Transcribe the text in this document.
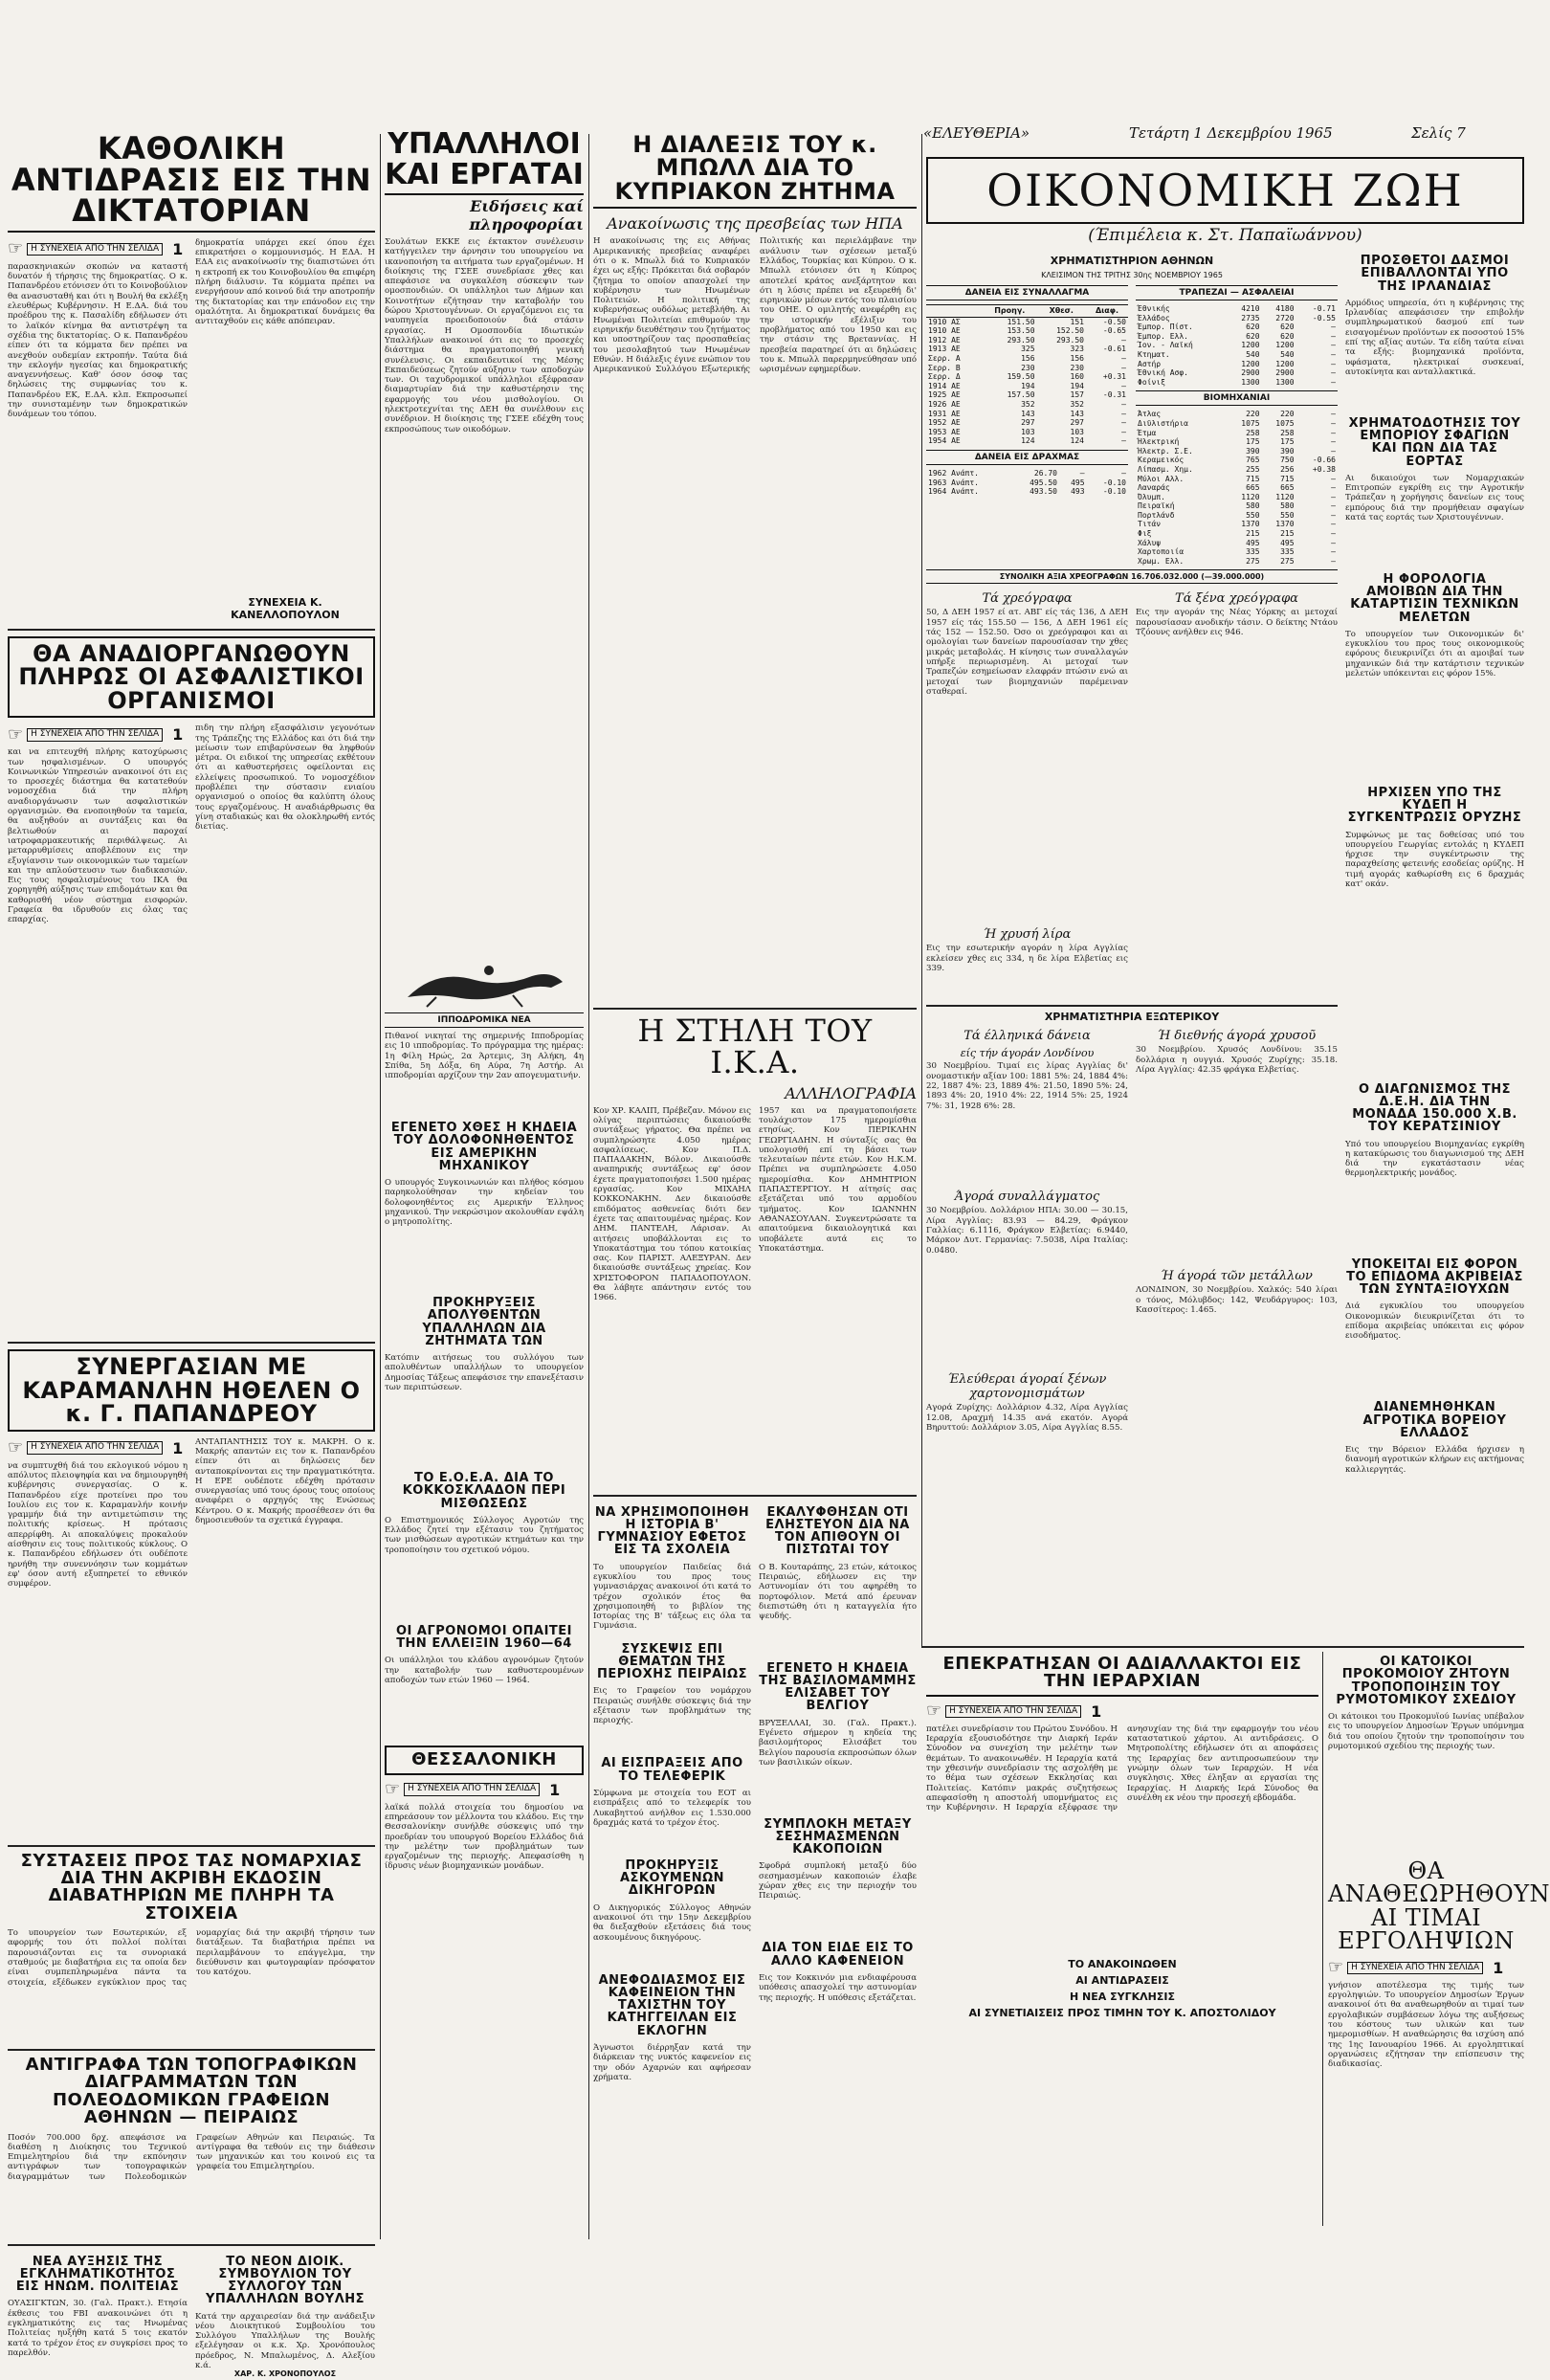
«ΕΛΕΥΘΕΡΙΑ»	Τετάρτη 1 Δεκεμβρίου 1965	Σελίς 7
ΚΑΘΟΛΙΚΗ ΑΝΤΙΔΡΑΣΙΣ ΕΙΣ ΤΗΝ ΔΙΚΤΑΤΟΡΙΑΝ
☞ Η ΣΥΝΕΧΕΙΑ ΑΠΟ ΤΗΝ ΣΕΛΙΔΑ 1
παρασκηνιακών σκοπών να καταστή δυνατόν ή τήρησις της δημοκρατίας. Ο κ. Παπανδρέου ετόνισεν ότι το Κοινοβούλιον θα ανασυσταθή και ότι η Βουλή θα εκλέξη ελευθέρως Κυβέρνησιν. Η Ε.ΔΑ. διά του προέδρου της κ. Πασαλίδη εδήλωσεν ότι το λαϊκόν κίνημα θα αντιστρέψη τα σχέδια της δικτατορίας. Ο κ. Παπανδρέου είπεν ότι τα κόμματα δεν πρέπει να ανεχθούν ουδεμίαν εκτροπήν. Ταύτα διά την εκλογήν ηγεσίας και δημοκρατικής αναγεννήσεως. Καθ' όσον όσοφ τας δηλώσεις της συμφωνίας του κ. Παπανδρέου ΕΚ, Ε.ΔΑ. κλπ. Εκπροσωπεί την συνισταμένην των δημοκρατικών δυνάμεων του τόπου.
δημοκρατία υπάρχει εκεί όπου έχει επικρατήσει ο κομμουνισμός. Η ΕΔΑ. Η ΕΔΑ εις ανακοίνωσίν της διαπιστώνει ότι η εκτροπή εκ του Κοινοβουλίου θα επιφέρη πλήρη διάλυσιν. Τα κόμματα πρέπει να ενεργήσουν από κοινού διά την αποτροπήν της δικτατορίας και την επάνοδον εις την ομαλότητα. Αι δημοκρατικαί δυνάμεις θα αντιταχθούν εις κάθε απόπειραν.
ΣΥΝΕΧΕΙΑ Κ. ΚΑΝΕΛΛΟΠΟΥΛΟΝ
ΘΑ ΑΝΑΔΙΟΡΓΑΝΩΘΟΥΝ ΠΛΗΡΩΣ ΟΙ ΑΣΦΑΛΙΣΤΙΚΟΙ ΟΡΓΑΝΙΣΜΟΙ
☞ Η ΣΥΝΕΧΕΙΑ ΑΠΟ ΤΗΝ ΣΕΛΙΔΑ 1
και να επιτευχθή πλήρης κατοχύρωσις των ησφαλισμένων. Ο υπουργός Κοινωνικών Υπηρεσιών ανακοινοί ότι εις το προσεχές διάστημα θα κατατεθούν νομοσχέδια διά την πλήρη αναδιοργάνωσιν των ασφαλιστικών οργανισμών. Θα ενοποιηθούν τα ταμεία, θα αυξηθούν αι συντάξεις και θα βελτιωθούν αι παροχαί ιατροφαρμακευτικής περιθάλψεως. Αι μεταρρυθμίσεις αποβλέπουν εις την εξυγίανσιν των οικονομικών των ταμείων και την απλούστευσιν των διαδικασιών. Εις τους ησφαλισμένους του ΙΚΑ θα χορηγηθή αύξησις των επιδομάτων και θα καθορισθή νέον σύστημα εισφορών. Γραφεία θα ιδρυθούν εις όλας τας επαρχίας.
πιδη την πλήρη εξασφάλισιν γεγονότων της Τράπεζης της Ελλάδος και ότι διά την μείωσιν των επιβαρύνσεων θα ληφθούν μέτρα. Οι ειδικοί της υπηρεσίας εκθέτουν ότι αι καθυστερήσεις οφείλονται εις ελλείψεις προσωπικού. Το νομοσχέδιον προβλέπει την σύστασιν ενιαίου οργανισμού ο οποίος θα καλύπτη όλους τους εργαζομένους. Η αναδιάρθρωσις θα γίνη σταδιακώς και θα ολοκληρωθή εντός διετίας.
ΣΥΝΕΡΓΑΣΙΑΝ ΜΕ ΚΑΡΑΜΑΝΛΗΝ ΗΘΕΛΕΝ Ο κ. Γ. ΠΑΠΑΝΔΡΕΟΥ
☞ Η ΣΥΝΕΧΕΙΑ ΑΠΟ ΤΗΝ ΣΕΛΙΔΑ 1
να συμπτυχθή διά του εκλογικού νόμου η απόλυτος πλειοψηφία και να δημιουργηθή κυβέρνησις συνεργασίας. Ο κ. Παπανδρέου είχε προτείνει προ του Ιουλίου εις τον κ. Καραμανλήν κοινήν γραμμήν διά την αντιμετώπισιν της πολιτικής κρίσεως. Η πρότασις απερρίφθη. Αι αποκαλύψεις προκαλούν αίσθησιν εις τους πολιτικούς κύκλους. Ο κ. Παπανδρέου εδήλωσεν ότι ουδέποτε ηρνήθη την συνεννόησιν των κομμάτων εφ' όσον αυτή εξυπηρετεί το εθνικόν συμφέρον.
ΑΝΤΑΠΑΝΤΗΣΙΣ ΤΟΥ κ. ΜΑΚΡΗ. Ο κ. Μακρής απαντών εις τον κ. Παπανδρέου είπεν ότι αι δηλώσεις δεν ανταποκρίνονται εις την πραγματικότητα. Η ΕΡΕ ουδέποτε εδέχθη πρότασιν συνεργασίας υπό τους όρους τους οποίους αναφέρει ο αρχηγός της Ενώσεως Κέντρου. Ο κ. Μακρής προσέθεσεν ότι θα δημοσιευθούν τα σχετικά έγγραφα.
ΣΥΣΤΑΣΕΙΣ ΠΡΟΣ ΤΑΣ ΝΟΜΑΡΧΙΑΣ ΔΙΑ ΤΗΝ ΑΚΡΙΒΗ ΕΚΔΟΣΙΝ ΔΙΑΒΑΤΗΡΙΩΝ ΜΕ ΠΛΗΡΗ ΤΑ ΣΤΟΙΧΕΙΑ
Το υπουργείον των Εσωτερικών, εξ αφορμής του ότι πολλοί πολίται παρουσιάζονται εις τα συνοριακά σταθμούς με διαβατήρια εις τα οποία δεν είναι συμπεπληρωμένα πάντα τα στοιχεία, εξέδωκεν εγκύκλιον προς τας νομαρχίας διά την ακριβή τήρησιν των διατάξεων. Τα διαβατήρια πρέπει να περιλαμβάνουν το επάγγελμα, την διεύθυνσιν και φωτογραφίαν πρόσφατον του κατόχου.
ΑΝΤΙΓΡΑΦΑ ΤΩΝ ΤΟΠΟΓΡΑΦΙΚΩΝ ΔΙΑΓΡΑΜΜΑΤΩΝ ΤΩΝ ΠΟΛΕΟΔΟΜΙΚΩΝ ΓΡΑΦΕΙΩΝ ΑΘΗΝΩΝ — ΠΕΙΡΑΙΩΣ
Ποσόν 700.000 δρχ. απεφάσισε να διαθέση η Διοίκησις του Τεχνικού Επιμελητηρίου διά την εκπόνησιν αντιγράφων των τοπογραφικών διαγραμμάτων των Πολεοδομικών Γραφείων Αθηνών και Πειραιώς. Τα αντίγραφα θα τεθούν εις την διάθεσιν των μηχανικών και του κοινού εις τα γραφεία του Επιμελητηρίου.
ΝΕΑ ΑΥΞΗΣΙΣ ΤΗΣ ΕΓΚΛΗΜΑΤΙΚΟΤΗΤΟΣ ΕΙΣ ΗΝΩΜ. ΠΟΛΙΤΕΙΑΣ
ΟΥΑΣΙΓΚΤΩΝ, 30. (Γαλ. Πρακτ.). Ετησία έκθεσις του FBI ανακοινώνει ότι η εγκληματικότης εις τας Ηνωμένας Πολιτείας ηυξήθη κατά 5 τοις εκατόν κατά το τρέχον έτος εν συγκρίσει προς το παρελθόν.
ΤΟ ΝΕΟΝ ΔΙΟΙΚ. ΣΥΜΒΟΥΛΙΟΝ ΤΟΥ ΣΥΛΛΟΓΟΥ ΤΩΝ ΥΠΑΛΛΗΛΩΝ ΒΟΥΛΗΣ
Κατά την αρχαιρεσίαν διά την ανάδειξιν νέου Διοικητικού Συμβουλίου του Συλλόγου Υπαλλήλων της Βουλής εξελέγησαν οι κ.κ. Χρ. Χρονόπουλος πρόεδρος, Ν. Μπαλωμένος, Δ. Αλεξίου κ.ά.
ΧΑΡ. Κ. ΧΡΟΝΟΠΟΥΛΟΣ
ΥΠΑΛΛΗΛΟΙ ΚΑΙ ΕΡΓΑΤΑΙ
Ειδήσεις καί πληροφορίαι
Σουλάτων ΕΚΚΕ εις έκτακτον συνέλευσιν κατήγγειλεν την άρνησιν του υπουργείου να ικανοποιήση τα αιτήματα των εργαζομένων. Η διοίκησις της ΓΣΕΕ συνεδρίασε χθες και απεφάσισε να συγκαλέση σύσκεψιν των ομοσπονδιών. Οι υπάλληλοι των Δήμων και Κοινοτήτων εζήτησαν την καταβολήν του δώρου Χριστουγέννων. Οι εργαζόμενοι εις τα ναυπηγεία προειδοποιούν διά στάσιν εργασίας. Η Ομοσπονδία Ιδιωτικών Υπαλλήλων ανακοινοί ότι εις το προσεχές διάστημα θα πραγματοποιηθή γενική συνέλευσις. Οι εκπαιδευτικοί της Μέσης Εκπαιδεύσεως ζητούν αύξησιν των αποδοχών των. Οι ταχυδρομικοί υπάλληλοι εξέφρασαν διαμαρτυρίαν διά την καθυστέρησιν της εφαρμογής του νέου μισθολογίου. Οι ηλεκτροτεχνίται της ΔΕΗ θα συνέλθουν εις συνέδριον. Η διοίκησις της ΓΣΕΕ εδέχθη τους εκπροσώπους των οικοδόμων.
ΙΠΠΟΔΡΟΜΙΚΑ ΝΕΑ
Πιθανοί νικηταί της σημερινής Ιπποδρομίας εις 10 ιπποδρομίας. Το πρόγραμμα της ημέρας: 1η Φίλη Ηρώς, 2α Άρτεμις, 3η Αλήκη, 4η Σπίθα, 5η Δόξα, 6η Αύρα, 7η Αστήρ. Αι ιπποδρομίαι αρχίζουν την 2αν απογευματινήν.
ΕΓΕΝΕΤΟ ΧΘΕΣ Η ΚΗΔΕΙΑ ΤΟΥ ΔΟΛΟΦΟΝΗΘΕΝΤΟΣ ΕΙΣ ΑΜΕΡΙΚΗΝ ΜΗΧΑΝΙΚΟΥ
Ο υπουργός Συγκοινωνιών και πλήθος κόσμου παρηκολούθησαν την κηδείαν του δολοφονηθέντος εις Αμερικήν Έλληνος μηχανικού. Την νεκρώσιμον ακολουθίαν εψάλη ο μητροπολίτης.
ΠΡΟΚΗΡΥΞΕΙΣ ΑΠΟΛΥΘΕΝΤΩΝ ΥΠΑΛΛΗΛΩΝ ΔΙΑ ΖΗΤΗΜΑΤΑ ΤΩΝ
Κατόπιν αιτήσεως του συλλόγου των απολυθέντων υπαλλήλων το υπουργείον Δημοσίας Τάξεως απεφάσισε την επανεξέτασιν των περιπτώσεων.
ΤΟ Ε.Ο.Ε.Α. ΔΙΑ ΤΟ ΚΟΚΚΟΣΚΛΑΔΟΝ ΠΕΡΙ ΜΙΣΘΩΣΕΩΣ
Ο Επιστημονικός Σύλλογος Αγροτών της Ελλάδος ζητεί την εξέτασιν του ζητήματος των μισθώσεων αγροτικών κτημάτων και την τροποποίησιν του σχετικού νόμου.
ΟΙ ΑΓΡΟΝΟΜΟΙ ΟΠΑΙΤΕΙ ΤΗΝ ΕΛΛΕΙΞΙΝ 1960—64
Οι υπάλληλοι του κλάδου αγρονόμων ζητούν την καταβολήν των καθυστερουμένων αποδοχών των ετών 1960 — 1964.
ΘΕΣΣΑΛΟΝΙΚΗ
☞ Η ΣΥΝΕΧΕΙΑ ΑΠΟ ΤΗΝ ΣΕΛΙΔΑ 1
λαϊκά πολλά στοιχεία του δημοσίου να επηρεάσουν τον μέλλοντα του κλάδου. Εις την Θεσσαλονίκην συνήλθε σύσκεψις υπό την προεδρίαν του υπουργού Βορείου Ελλάδος διά την μελέτην των προβλημάτων των εργαζομένων της περιοχής. Απεφασίσθη η ίδρυσις νέων βιομηχανικών μονάδων.
Η ΔΙΑΛΕΞΙΣ ΤΟΥ κ. ΜΠΩΛΛ ΔΙΑ ΤΟ ΚΥΠΡΙΑΚΟΝ ΖΗΤΗΜΑ
Ανακοίνωσις της πρεσβείας των ΗΠΑ
Η ανακοίνωσις της εις Αθήνας Αμερικανικής πρεσβείας αναφέρει ότι ο κ. Μπωλλ διά το Κυπριακόν έχει ως εξής: Πρόκειται διά σοβαρόν ζήτημα το οποίον απασχολεί την κυβέρνησιν των Ηνωμένων Πολιτειών. Η πολιτική της κυβερνήσεως ουδόλως μετεβλήθη. Αι Ηνωμέναι Πολιτείαι επιθυμούν την ειρηνικήν διευθέτησιν του ζητήματος και υποστηρίζουν τας προσπαθείας του μεσολαβητού των Ηνωμένων Εθνών. Η διάλεξις έγινε ενώπιον του Αμερικανικού Συλλόγου Εξωτερικής Πολιτικής και περιελάμβανε την ανάλυσιν των σχέσεων μεταξύ Ελλάδος, Τουρκίας και Κύπρου. Ο κ. Μπωλλ ετόνισεν ότι η Κύπρος αποτελεί κράτος ανεξάρτητον και ότι η λύσις πρέπει να εξευρεθή δι' ειρηνικών μέσων εντός του πλαισίου του ΟΗΕ. Ο ομιλητής ανεφέρθη εις την ιστορικήν εξέλιξιν του προβλήματος από του 1950 και εις την στάσιν της Βρεταννίας. Η πρεσβεία παρατηρεί ότι αι δηλώσεις του κ. Μπωλλ παρερμηνεύθησαν υπό ωρισμένων εφημερίδων.
Η ΣΤΗΛΗ ΤΟΥ Ι.Κ.Α.
ΑΛΛΗΛΟΓΡΑΦΙΑ
Κον ΧΡ. ΚΑΛΙΠ, Πρέβεζαν. Μόνον εις ολίγας περιπτώσεις δικαιούσθε συντάξεως γήρατος. Θα πρέπει να συμπληρώσητε 4.050 ημέρας ασφαλίσεως. Κον Π.Δ. ΠΑΠΑΔΑΚΗΝ, Βόλον. Δικαιούσθε αναπηρικής συντάξεως εφ' όσον έχετε πραγματοποιήσει 1.500 ημέρας εργασίας. Κον ΜΙΧΑΗΛ ΚΟΚΚΟΝΑΚΗΝ. Δεν δικαιούσθε επιδόματος ασθενείας διότι δεν έχετε τας απαιτουμένας ημέρας. Κον ΔΗΜ. ΠΑΝΤΕΛΗ, Λάρισαν. Αι αιτήσεις υποβάλλονται εις το Υποκατάστημα του τόπου κατοικίας σας. Κον ΠΑΡΙΣΤ. ΑΛΕΞΥΡΑΝ. Δεν δικαιούσθε συντάξεως χηρείας. Κον ΧΡΙΣΤΟΦΟΡΟΝ ΠΑΠΑΔΟΠΟΥΛΟΝ. Θα λάβητε απάντησιν εντός του 1966.
1957 και να πραγματοποιήσετε τουλάχιστον 175 ημερομίσθια ετησίως. Κον ΠΕΡΙΚΛΗΝ ΓΕΩΡΓΙΑΔΗΝ. Η σύνταξίς σας θα υπολογισθή επί τη βάσει των τελευταίων πέντε ετών. Κον Η.Κ.Μ. Πρέπει να συμπληρώσετε 4.050 ημερομίσθια. Κον ΔΗΜΗΤΡΙΟΝ ΠΑΠΑΣΤΕΡΓΙΟΥ. Η αίτησίς σας εξετάζεται υπό του αρμοδίου τμήματος. Κον ΙΩΑΝΝΗΝ ΑΘΑΝΑΣΟΥΛΑΝ. Συγκεντρώσατε τα απαιτούμενα δικαιολογητικά και υποβάλετε αυτά εις το Υποκατάστημα.
ΝΑ ΧΡΗΣΙΜΟΠΟΙΗΘΗ Η ΙΣΤΟΡΙΑ Β' ΓΥΜΝΑΣΙΟΥ ΕΦΕΤΟΣ ΕΙΣ ΤΑ ΣΧΟΛΕΙΑ
Το υπουργείον Παιδείας διά εγκυκλίου του προς τους γυμνασιάρχας ανακοινοί ότι κατά το τρέχον σχολικόν έτος θα χρησιμοποιηθή το βιβλίον της Ιστορίας της Β' τάξεως εις όλα τα Γυμνάσια.
ΣΥΣΚΕΨΙΣ ΕΠΙ ΘΕΜΑΤΩΝ ΤΗΣ ΠΕΡΙΟΧΗΣ ΠΕΙΡΑΙΩΣ
Εις το Γραφείον του νομάρχου Πειραιώς συνήλθε σύσκεψις διά την εξέτασιν των προβλημάτων της περιοχής.
ΑΙ ΕΙΣΠΡΑΞΕΙΣ ΑΠΟ ΤΟ ΤΕΛΕΦΕΡΙΚ
Σύμφωνα με στοιχεία του ΕΟΤ αι εισπράξεις από το τελεφερίκ του Λυκαβηττού ανήλθον εις 1.530.000 δραχμάς κατά το τρέχον έτος.
ΠΡΟΚΗΡΥΞΙΣ ΑΣΚΟΥΜΕΝΩΝ ΔΙΚΗΓΟΡΩΝ
Ο Δικηγορικός Σύλλογος Αθηνών ανακοινοί ότι την 15ην Δεκεμβρίου θα διεξαχθούν εξετάσεις διά τους ασκουμένους δικηγόρους.
ΑΝΕΦΟΔΙΑΣΜΟΣ ΕΙΣ ΚΑΦΕΙΝΕΙΟΝ ΤΗΝ ΤΑΧΙΣΤΗΝ ΤΟΥ ΚΑΤΗΓΓΕΙΛΑΝ ΕΙΣ ΕΚΛΟΓΗΝ
Άγνωστοι διέρρηξαν κατά την διάρκειαν της νυκτός καφενείον εις την οδόν Αχαρνών και αφήρεσαν χρήματα.
ΕΚΑΛΥΦΘΗΣΑΝ ΟΤΙ ΕΛΗΣΤΕΥΟΝ ΔΙΑ ΝΑ ΤΟΝ ΑΠΙΘΟΥΝ ΟΙ ΠΙΣΤΩΤΑΙ ΤΟΥ
Ο Β. Κουταράπης, 23 ετών, κάτοικος Πειραιώς, εδήλωσεν εις την Αστυνομίαν ότι του αφηρέθη το πορτοφόλιον. Μετά από έρευναν διεπιστώθη ότι η καταγγελία ήτο ψευδής.
ΕΓΕΝΕΤΟ Η ΚΗΔΕΙΑ ΤΗΣ ΒΑΣΙΛΟΜΑΜΜΗΣ ΕΛΙΣΑΒΕΤ ΤΟΥ ΒΕΛΓΙΟΥ
ΒΡΥΞΕΛΛΑΙ, 30. (Γαλ. Πρακτ.). Εγένετο σήμερον η κηδεία της βασιλομήτορος Ελισάβετ του Βελγίου παρουσία εκπροσώπων όλων των βασιλικών οίκων.
ΣΥΜΠΛΟΚΗ ΜΕΤΑΞΥ ΣΕΣΗΜΑΣΜΕΝΩΝ ΚΑΚΟΠΟΙΩΝ
Σφοδρά συμπλοκή μεταξύ δύο σεσημασμένων κακοποιών έλαβε χώραν χθες εις την περιοχήν του Πειραιώς.
ΔΙΑ ΤΟΝ ΕΙΔΕ ΕΙΣ ΤΟ ΑΛΛΟ ΚΑΦΕΝΕΙΟΝ
Εις τον Κοκκινόν μια ενδιαφέρουσα υπόθεσις απασχολεί την αστυνομίαν της περιοχής. Η υπόθεσις εξετάζεται.
ΟΙΚΟΝΟΜΙΚΗ ΖΩΗ
(Έπιμέλεια κ. Στ. Παπαϊωάννου)
ΧΡΗΜΑΤΙΣΤΗΡΙΟΝ ΑΘΗΝΩΝ
ΚΛΕΙΣΙΜΟΝ ΤΗΣ ΤΡΙΤΗΣ 30ης ΝΟΕΜΒΡΙΟΥ 1965
ΔΑΝΕΙΑ ΕΙΣ ΣΥΝΑΛΛΑΓΜΑ
	Προηγ.	Χθεσ.	Διαφ.
1910 ΑΣ	151.50	151	-0.50
1910 ΑΕ	153.50	152.50	-0.65
1912 ΑΕ	293.50	293.50	—
1913 ΑΕ	325	323	-0.61
Σερρ. Α	156	156	—
Σερρ. Β	230	230	—
Σερρ. Δ	159.50	160	+0.31
1914 ΑΕ	194	194	—
1925 ΑΕ	157.50	157	-0.31
1926 ΑΕ	352	352	—
1931 ΑΕ	143	143	—
1952 ΑΕ	297	297	—
1953 ΑΕ	103	103	—
1954 ΑΕ	124	124	—
ΔΑΝΕΙΑ ΕΙΣ ΔΡΑΧΜΑΣ
1962 Ανάπτ.	26.70	—	—
1963 Ανάπτ.	495.50	495	-0.10
1964 Ανάπτ.	493.50	493	-0.10
ΤΡΑΠΕΖΑΙ — ΑΣΦΑΛΕΙΑΙ
Έθνικής	4210	4180	-0.71
Έλλάδος	2735	2720	-0.55
Έμπορ. Πίστ.	620	620	—
Έμπορ. Ελλ.	620	620	—
Ίον. - Λαϊκή	1200	1200	—
Κτηματ.	540	540	—
Αστήρ	1200	1200	—
Έθνική Ασφ.	2900	2900	—
Φοίνιξ	1300	1300	—
ΒΙΟΜΗΧΑΝΙΑΙ
Άτλας	220	220	—
Διϋλιστήρια	1075	1075	—
Έτμα	258	258	—
Ήλεκτρική	175	175	—
Ήλεκτρ. Σ.Ε.	390	390	—
Κεραμεικός	765	750	-0.66
Λίπασμ. Χημ.	255	256	+0.38
Μύλοι Αλλ.	715	715	—
Λαναράς	665	665	—
Όλυμπ.	1120	1120	—
Πειραϊκή	580	580	—
Πορτλάνδ	550	550	—
Τιτάν	1370	1370	—
Φιξ	215	215	—
Χάλυψ	495	495	—
Χαρτοποιία	335	335	—
Χρωμ. Ελλ.	275	275	—
ΣΥΝΟΛΙΚΗ ΑΞΙΑ ΧΡΕΟΓΡΑΦΩΝ 16.706.032.000 (—39.000.000)
Τά χρεόγραφα
50, Δ ΔΕΗ 1957 εί ατ. ΑΒΓ είς τάς 136, Δ ΔΕΗ 1957 είς τάς 155.50 — 156, Δ ΔΕΗ 1961 είς τάς 152 — 152.50. Όσο οι χρεόγραφοι και αι ομολογίαι των δανείων παρουσίασαν την χθες μικράς μεταβολάς. Η κίνησις των συναλλαγών υπήρξε περιωρισμένη. Αι μετοχαί των Τραπεζών εσημείωσαν ελαφράν πτώσιν ενώ αι μετοχαί των βιομηχανιών παρέμειναν σταθεραί.
Ή χρυσή λίρα
Εις την εσωτερικήν αγοράν η λίρα Αγγλίας εκλείσεν χθες εις 334, η δε λίρα Ελβετίας εις 339.
Τά ξένα χρεόγραφα
Εις την αγοράν της Νέας Υόρκης αι μετοχαί παρουσίασαν ανοδικήν τάσιν. Ο δείκτης Ντάου Τζόουνς ανήλθεν εις 946.
ΧΡΗΜΑΤΙΣΤΗΡΙΑ ΕΞΩΤΕΡΙΚΟΥ
Τά έλληνικά δάνεια
είς τήν άγοράν Λονδίνου
30 Νοεμβρίου. Τιμαί εις λίρας Αγγλίας δι' ονομαστικήν αξίαν 100: 1881 5%: 24, 1884 4%: 22, 1887 4%: 23, 1889 4%: 21.50, 1890 5%: 24, 1893 4%: 20, 1910 4%: 22, 1914 5%: 25, 1924 7%: 31, 1928 6%: 28.
Άγορά συναλλάγματος
30 Νοεμβρίου. Δολλάριον ΗΠΑ: 30.00 — 30.15, Λίρα Αγγλίας: 83.93 — 84.29, Φράγκον Γαλλίας: 6.1116, Φράγκον Ελβετίας: 6.9440, Μάρκον Δυτ. Γερμανίας: 7.5038, Λίρα Ιταλίας: 0.0480.
Έλεύθεραι άγοραί ξένων χαρτονομισμάτων
Αγορά Ζυρίχης: Δολλάριον 4.32, Λίρα Αγγλίας 12.08, Δραχμή 14.35 ανά εκατόν. Αγορά Βηρυττού: Δολλάριον 3.05, Λίρα Αγγλίας 8.55.
Ή διεθνής άγορά χρυσοῦ
30 Νοεμβρίου. Χρυσός Λονδίνου: 35.15 δολλάρια η ουγγιά. Χρυσός Ζυρίχης: 35.18. Λίρα Αγγλίας: 42.35 φράγκα Ελβετίας.
Ή άγορά τῶν μετάλλων
ΛΟΝΔΙΝΟΝ, 30 Νοεμβρίου. Χαλκός: 540 λίραι ο τόνος, Μόλυβδος: 142, Ψευδάργυρος: 103, Κασσίτερος: 1.465.
ΠΡΟΣΘΕΤΟΙ ΔΑΣΜΟΙ ΕΠΙΒΑΛΛΟΝΤΑΙ ΥΠΟ ΤΗΣ ΙΡΛΑΝΔΙΑΣ
Αρμόδιος υπηρεσία, ότι η κυβέρνησις της Ιρλανδίας απεφάσισεν την επιβολήν συμπληρωματικού δασμού επί των εισαγομένων προϊόντων εκ ποσοστού 15% επί της αξίας αυτών. Τα είδη ταύτα είναι τα εξής: βιομηχανικά προϊόντα, υφάσματα, ηλεκτρικαί συσκευαί, αυτοκίνητα και ανταλλακτικά.
ΧΡΗΜΑΤΟΔΟΤΗΣΙΣ ΤΟΥ ΕΜΠΟΡΙΟΥ ΣΦΑΓΙΩΝ ΚΑΙ ΠΩΝ ΔΙΑ ΤΑΣ ΕΟΡΤΑΣ
Αι δικαιούχοι των Νομαρχιακών Επιτροπών εγκρίθη εις την Αγροτικήν Τράπεζαν η χορήγησις δανείων εις τους εμπόρους διά την προμήθειαν σφαγίων κατά τας εορτάς των Χριστουγέννων.
Η ΦΟΡΟΛΟΓΙΑ ΑΜΟΙΒΩΝ ΔΙΑ ΤΗΝ ΚΑΤΑΡΤΙΣΙΝ ΤΕΧΝΙΚΩΝ ΜΕΛΕΤΩΝ
Το υπουργείον των Οικονομικών δι' εγκυκλίου του προς τους οικονομικούς εφόρους διευκρινίζει ότι αι αμοιβαί των μηχανικών διά την κατάρτισιν τεχνικών μελετών υπόκεινται εις φόρον 15%.
ΗΡΧΙΣΕΝ ΥΠΟ ΤΗΣ ΚΥΔΕΠ Η ΣΥΓΚΕΝΤΡΩΣΙΣ ΟΡΥΖΗΣ
Συμφώνως με τας δοθείσας υπό του υπουργείου Γεωργίας εντολάς η ΚΥΔΕΠ ήρχισε την συγκέντρωσιν της παραχθείσης φετεινής εσοδείας ορύζης. Η τιμή αγοράς καθωρίσθη εις 6 δραχμάς κατ' οκάν.
Ο ΔΙΑΓΩΝΙΣΜΟΣ ΤΗΣ Δ.Ε.Η. ΔΙΑ ΤΗΝ ΜΟΝΑΔΑ 150.000 Χ.Β. ΤΟΥ ΚΕΡΑΤΣΙΝΙΟΥ
Υπό του υπουργείου Βιομηχανίας εγκρίθη η κατακύρωσις του διαγωνισμού της ΔΕΗ διά την εγκατάστασιν νέας θερμοηλεκτρικής μονάδος.
ΥΠΟΚΕΙΤΑΙ ΕΙΣ ΦΟΡΟΝ ΤΟ ΕΠΙΔΟΜΑ ΑΚΡΙΒΕΙΑΣ ΤΩΝ ΣΥΝΤΑΞΙΟΥΧΩΝ
Διά εγκυκλίου του υπουργείου Οικονομικών διευκρινίζεται ότι το επίδομα ακριβείας υπόκειται εις φόρον εισοδήματος.
ΔΙΑΝΕΜΗΘΗΚΑΝ ΑΓΡΟΤΙΚΑ ΒΟΡΕΙΟΥ ΕΛΛΑΔΟΣ
Εις την Βόρειον Ελλάδα ήρχισεν η διανομή αγροτικών κλήρων εις ακτήμονας καλλιεργητάς.
ΕΠΕΚΡΑΤΗΣΑΝ ΟΙ ΑΔΙΑΛΛΑΚΤΟΙ ΕΙΣ ΤΗΝ ΙΕΡΑΡΧΙΑΝ
☞ Η ΣΥΝΕΧΕΙΑ ΑΠΟ ΤΗΝ ΣΕΛΙΔΑ 1
πατέλει συνεδρίασιν του Πρώτου Συνόδου. Η Ιεραρχία εξουσιοδότησε την Διαρκή Ιεράν Σύνοδον να συνεχίση την μελέτην των θεμάτων. Το ανακοινωθέν. Η Ιεραρχία κατά την χθεσινήν συνεδρίασιν της ασχολήθη με το θέμα των σχέσεων Εκκλησίας και Πολιτείας. Κατόπιν μακράς συζητήσεως απεφασίσθη η αποστολή υπομνήματος εις την Κυβέρνησιν. Η Ιεραρχία εξέφρασε την ανησυχίαν της διά την εφαρμογήν του νέου καταστατικού χάρτου. Αι αντιδράσεις. Ο Μητροπολίτης εδήλωσεν ότι αι αποφάσεις της Ιεραρχίας δεν αντιπροσωπεύουν την γνώμην όλων των Ιεραρχών. Η νέα συγκλησις. Χθες έληξαν αι εργασίαι της Ιεραρχίας. Η Διαρκής Ιερά Σύνοδος θα συνέλθη εκ νέου την προσεχή εβδομάδα.
ΤΟ ΑΝΑΚΟΙΝΩΘΕΝ
ΑΙ ΑΝΤΙΔΡΑΣΕΙΣ
Η ΝΕΑ ΣΥΓΚΛΗΣΙΣ
ΑΙ ΣΥΝΕΤΙΑΙΣΕΙΣ ΠΡΟΣ ΤΙΜΗΝ ΤΟΥ Κ. ΑΠΟΣΤΟΛΙΔΟΥ
ΟΙ ΚΑΤΟΙΚΟΙ ΠΡΟΚΟΜΟΙΟΥ ΖΗΤΟΥΝ ΤΡΟΠΟΠΟΙΗΣΙΝ ΤΟΥ ΡΥΜΟΤΟΜΙΚΟΥ ΣΧΕΔΙΟΥ
Οι κάτοικοι του Προκομυϊού Ιωνίας υπέβαλον εις το υπουργείον Δημοσίων Έργων υπόμνημα διά του οποίου ζητούν την τροποποίησιν του ρυμοτομικού σχεδίου της περιοχής των.
ΘΑ ΑΝΑΘΕΩΡΗΘΟΥΝ ΑΙ ΤΙΜΑΙ ΕΡΓΟΛΗΨΙΩΝ
☞ Η ΣΥΝΕΧΕΙΑ ΑΠΟ ΤΗΝ ΣΕΛΙΔΑ 1
γνήσιον αποτέλεσμα της τιμής των εργοληψιών. Το υπουργείον Δημοσίων Έργων ανακοινοί ότι θα αναθεωρηθούν αι τιμαί των εργολαβικών συμβάσεων λόγω της αυξήσεως του κόστους των υλικών και των ημερομισθίων. Η αναθεώρησις θα ισχύση από της 1ης Ιανουαρίου 1966. Αι εργοληπτικαί οργανώσεις εζήτησαν την επίσπευσιν της διαδικασίας.
